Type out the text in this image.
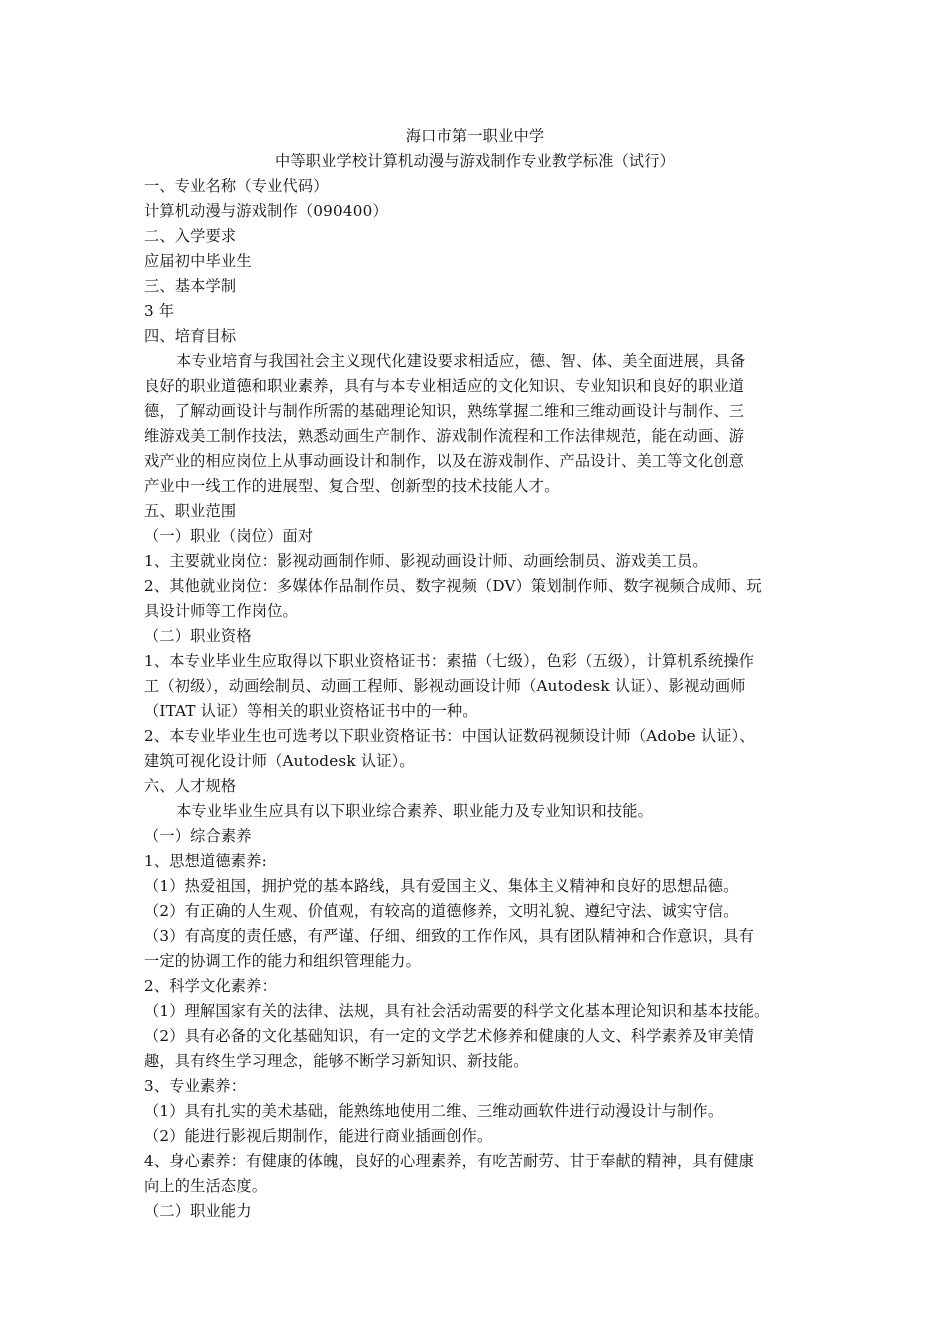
海口市第一职业中学
中等职业学校计算机动漫与游戏制作专业教学标准（试行）
一、专业名称（专业代码）
计算机动漫与游戏制作（090400）
二、入学要求
应届初中毕业生
三、基本学制
3 年
四、培育目标
本专业培育与我国社会主义现代化建设要求相适应，德、智、体、美全面进展，具备
良好的职业道德和职业素养，具有与本专业相适应的文化知识、专业知识和良好的职业道
德，了解动画设计与制作所需的基础理论知识，熟练掌握二维和三维动画设计与制作、三
维游戏美工制作技法，熟悉动画生产制作、游戏制作流程和工作法律规范，能在动画、游
戏产业的相应岗位上从事动画设计和制作，以及在游戏制作、产品设计、美工等文化创意
产业中一线工作的进展型、复合型、创新型的技术技能人才。
五、职业范围
（一）职业（岗位）面对
1、主要就业岗位：影视动画制作师、影视动画设计师、动画绘制员、游戏美工员。
2、其他就业岗位：多媒体作品制作员、数字视频（DV）策划制作师、数字视频合成师、玩
具设计师等工作岗位。
（二）职业资格
1、本专业毕业生应取得以下职业资格证书：素描（七级），色彩（五级），计算机系统操作
工（初级），动画绘制员、动画工程师、影视动画设计师（Autodesk 认证）、影视动画师
（ITAT 认证）等相关的职业资格证书中的一种。
2、本专业毕业生也可选考以下职业资格证书：中国认证数码视频设计师（Adobe 认证）、
建筑可视化设计师（Autodesk 认证）。
六、人才规格
本专业毕业生应具有以下职业综合素养、职业能力及专业知识和技能。
（一）综合素养
1、思想道德素养:
（1）热爱祖国，拥护党的基本路线，具有爱国主义、集体主义精神和良好的思想品德。
（2）有正确的人生观、价值观，有较高的道德修养，文明礼貌、遵纪守法、诚实守信。
（3）有高度的责任感，有严谨、仔细、细致的工作作风，具有团队精神和合作意识，具有
一定的协调工作的能力和组织管理能力。
2、科学文化素养：
（1）理解国家有关的法律、法规，具有社会活动需要的科学文化基本理论知识和基本技能。
（2）具有必备的文化基础知识，有一定的文学艺术修养和健康的人文、科学素养及审美情
趣，具有终生学习理念，能够不断学习新知识、新技能。
3、专业素养：
（1）具有扎实的美术基础，能熟练地使用二维、三维动画软件进行动漫设计与制作。
（2）能进行影视后期制作，能进行商业插画创作。
4、身心素养：有健康的体魄，良好的心理素养，有吃苦耐劳、甘于奉献的精神，具有健康
向上的生活态度。
（二）职业能力
